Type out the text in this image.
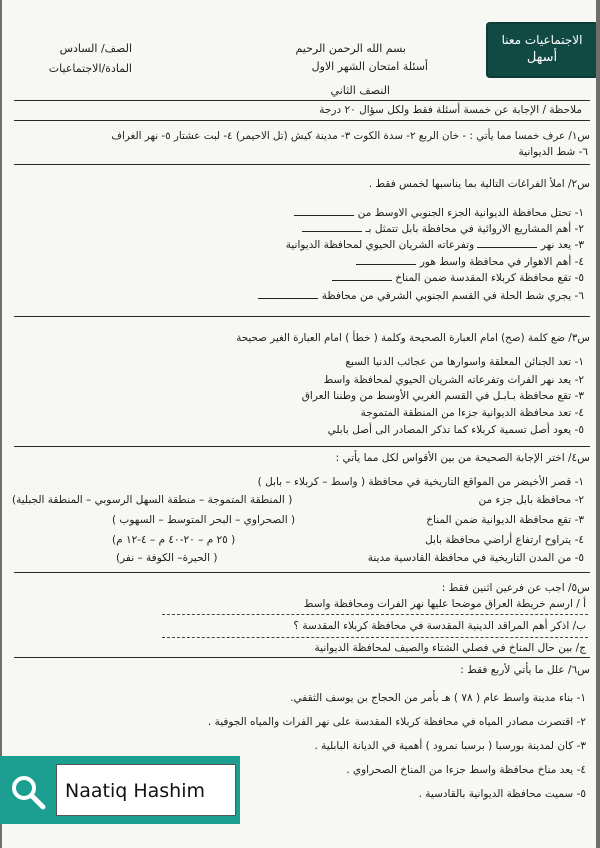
بسم الله الرحمن الرحيم
أسئلة امتحان الشهر الاول
النصف الثاني
الصف/ السادس
المادة/الاجتماعيات
الاجتماعيات معنا
أسهل
ملاحظة / الإجابة عن خمسة أسئلة فقط ولكل سؤال ٢٠ درجة
س١/ عرف خمسا مما يأتي : - خان الربع ٢- سدة الكوت ٣- مدينة كيش (تل الاحيمر) ٤- لبت عشتار ٥- نهر الغراف
٦- شط الديوانية
س٢/ املأ الفراغات التالية بما يناسبها لخمس فقط .
١- تحتل محافظة الديوانية الجزء الجنوبي الاوسط من
٢- أهم المشاريع الاروائية في محافظة بابل تتمثل بـ
٣- يعد نهر  وتفرعاته الشريان الحيوي لمحافظة الديوانية
٤- أهم الاهوار في محافظة واسط هور
٥- تقع محافظة كربلاء المقدسة ضمن المناخ
٦- يجري شط الحلة في القسم الجنوبي الشرقي من محافظة
س٣/ ضع كلمة (صح) امام العبارة الصحيحة وكلمة ( خطأ ) امام العبارة الغير صحيحة
١- تعد الجنائن المعلقة واسوارها من عجائب الدنيا السبع
٢- يعد نهر الفرات وتفرعاته الشريان الحيوي لمحافظة واسط
٣- تقع محافظة بـابـل في القسم الغربي الأوسط من وطننا العراق
٤- تعد محافظة الديوانية جزءا من المنطقة المتموجة
٥- يعود أصل تسمية كربلاء كما تذكر المصادر الى أصل بابلي
س٤/ اختر الإجابة الصحيحة من بين الأقواس لكل مما يأتي :
١- قصر الأخيضر من المواقع التاريخية في محافظة ( واسط – كربلاء – بابل )
٢- محافظة بابل جزء من
( المنطقة المتموجة – منطقة السهل الرسوبي – المنطقة الجبلية)
٣- تقع محافظة الديوانية ضمن المناخ
( الصحراوي – البحر المتوسط – السهوب )
٤- يتراوح ارتفاع أراضي محافظة بابل
( ٢٥ م – ٢٠-٤٠ م – ٤-١٢ م)
٥- من المدن التاريخية في محافظة القادسية مدينة
( الحيرة– الكوفة – نفر)
س٥/ اجب عن فرعين اثنين فقط :
أ / ارسم خريطة العراق موضحا عليها نهر الفرات ومحافظة واسط
ب/ اذكر أهم المراقد الدينية المقدسة في محافظة كربلاء المقدسة ؟
ج/ بين حال المناخ في فصلي الشتاء والصيف لمحافظة الديوانية
س٦/ علل ما يأتي لأربع فقط :
١- بناء مدينة واسط عام ( ٧٨ ) هـ بأمر من الحجاج بن يوسف الثقفي.
٢- اقتصرت مصادر المياه في محافظة كربلاء المقدسة على نهر الفرات والمياه الجوفية .
٣- كان لمدينة بورسبا ( برسبا نمرود ) أهمية في الديانة البابلية .
٤- يعد مناخ محافظة واسط جزءا من المناخ الصحراوي .
٥- سميت محافظة الديوانية بالقادسية .
Naatiq Hashim
